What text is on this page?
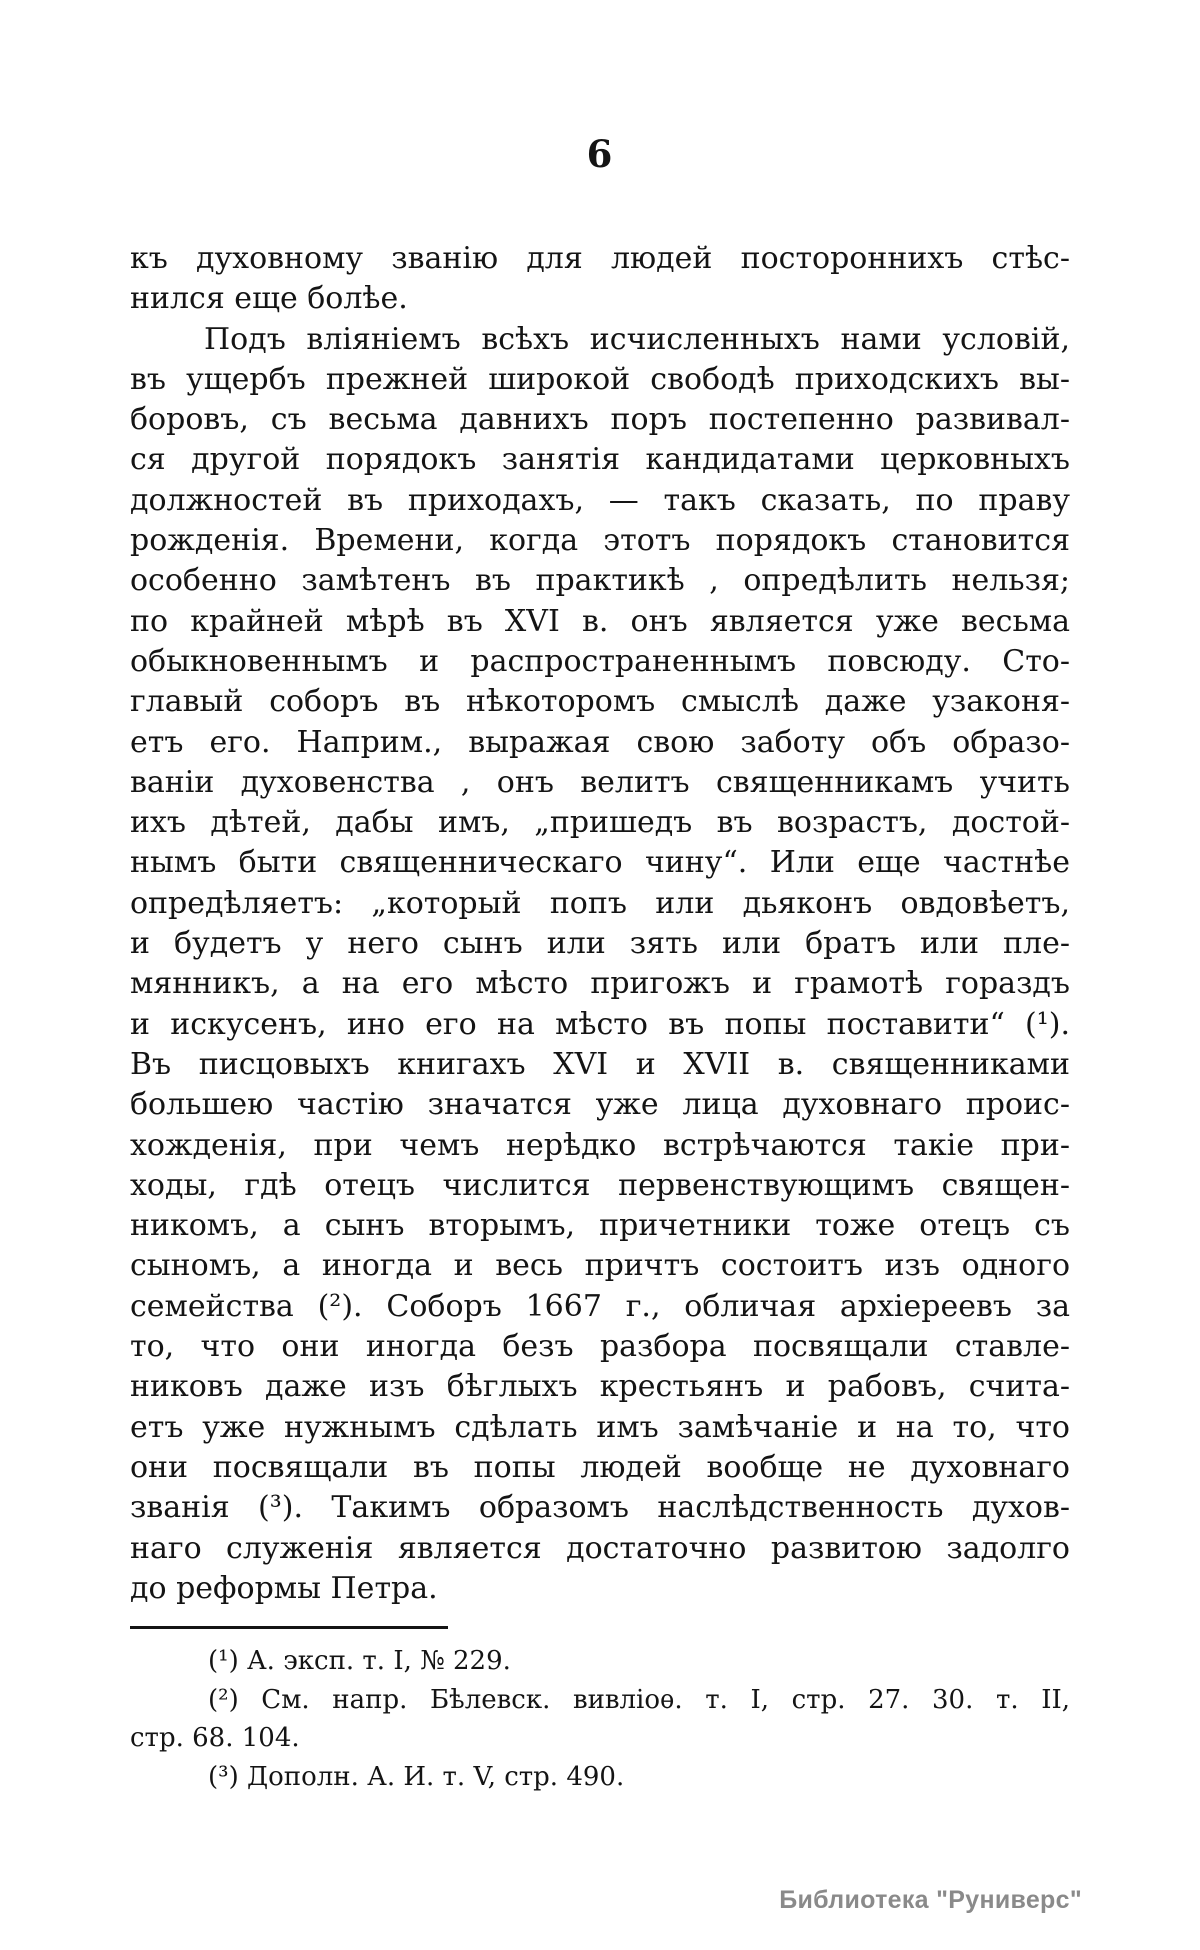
6
къ духовному званію для людей постороннихъ стѣс-
нился еще болѣе.
Подъ вліяніемъ всѣхъ исчисленныхъ нами условій,
въ ущербъ прежней широкой свободѣ приходскихъ вы-
боровъ, съ весьма давнихъ поръ постепенно развивал-
ся другой порядокъ занятія кандидатами церковныхъ
должностей въ приходахъ, — такъ сказать, по праву
рожденія. Времени, когда этотъ порядокъ становится
особенно замѣтенъ въ практикѣ , опредѣлить нельзя;
по крайней мѣрѣ въ XVI в. онъ является уже весьма
обыкновеннымъ и распространеннымъ повсюду. Сто-
главый соборъ въ нѣкоторомъ смыслѣ даже узаконя-
етъ его. Наприм., выражая свою заботу объ образо-
ваніи духовенства , онъ велитъ священникамъ учить
ихъ дѣтей, дабы имъ, „пришедъ въ возрастъ, достой-
нымъ быти священническаго чину“. Или еще частнѣе
опредѣляетъ: „который попъ или дьяконъ овдовѣетъ,
и будетъ у него сынъ или зять или братъ или пле-
мянникъ, а на его мѣсто пригожъ и грамотѣ гораздъ
и искусенъ, ино его на мѣсто въ попы поставити“ (¹).
Въ писцовыхъ книгахъ XVI и XVII в. священниками
большею частію значатся уже лица духовнаго проис-
хожденія, при чемъ нерѣдко встрѣчаются такіе при-
ходы, гдѣ отецъ числится первенствующимъ священ-
никомъ, а сынъ вторымъ, причетники тоже отецъ съ
сыномъ, а иногда и весь причтъ состоитъ изъ одного
семейства (²). Соборъ 1667 г., обличая архіереевъ за
то, что они иногда безъ разбора посвящали ставле-
никовъ даже изъ бѣглыхъ крестьянъ и рабовъ, счита-
етъ уже нужнымъ сдѣлать имъ замѣчаніе и на то, что
они посвящали въ попы людей вообще не духовнаго
званія (³). Такимъ образомъ наслѣдственность духов-
наго служенія является достаточно развитою задолго
до реформы Петра.
(¹) А. эксп. т. I, № 229.
(²) См. напр. Бѣлевск. вивліоѳ. т. I, стр. 27. 30. т. II,
стр. 68. 104.
(³) Дополн. А. И. т. V, стр. 490.
Библиотека "Руниверс"
